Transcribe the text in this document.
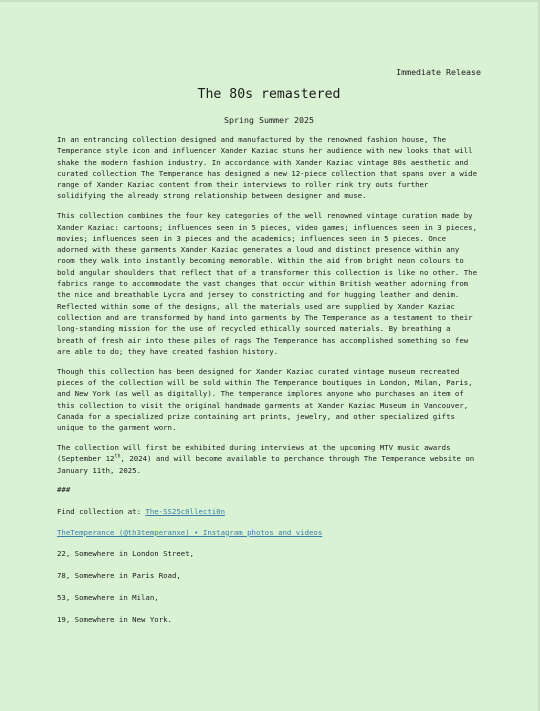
Immediate Release
The 80s remastered
Spring Summer 2025

In an entrancing collection designed and manufactured by the renowned fashion house, The Temperance style icon and influencer Xander Kaziac stuns her audience with new looks that will shake the modern fashion industry. In accordance with Xander Kaziac vintage 80s aesthetic and curated collection The Temperance has designed a new 12-piece collection that spans over a wide range of Xander Kaziac content from their interviews to roller rink try outs further solidifying the already strong relationship between designer and muse.

This collection combines the four key categories of the well renowned vintage curation made by Xander Kaziac: cartoons; influences seen in 5 pieces, video games; influences seen in 3 pieces, movies; influences seen in 3 pieces and the academics; influences seen in 5 pieces. Once adorned with these garments Xander Kaziac generates a loud and distinct presence within any room they walk into instantly becoming memorable. Within the aid from bright neon colours to bold angular shoulders that reflect that of a transformer this collection is like no other. The fabrics range to accommodate the vast changes that occur within British weather adorning from the nice and breathable Lycra and jersey to constricting and for hugging leather and denim. Reflected within some of the designs, all the materials used are supplied by Xander Kaziac collection and are transformed by hand into garments by The Temperance as a testament to their long-standing mission for the use of recycled ethically sourced materials. By breathing a breath of fresh air into these piles of rags The Temperance has accomplished something so few are able to do; they have created fashion history.

Though this collection has been designed for Xander Kaziac curated vintage museum recreated pieces of the collection will be sold within The Temperance boutiques in London, Milan, Paris, and New York (as well as digitally). The temperance implores anyone who purchases an item of this collection to visit the original handmade garments at Xander Kaziac Museum in Vancouver, Canada for a specialized prize containing art prints, jewelry, and other specialized gifts unique to the garment worn.

The collection will first be exhibited during interviews at the upcoming MTV music awards (September 12th, 2024) and will become available to perchance through The Temperance website on January 11th, 2025.

###
Find collection at: The-SS25c0llecti0n
TheTemperance (@th3temperanxe) • Instagram photos and videos
22, Somewhere in London Street,
78, Somewhere in Paris Road,
53, Somewhere in Milan,
19, Somewhere in New York.
